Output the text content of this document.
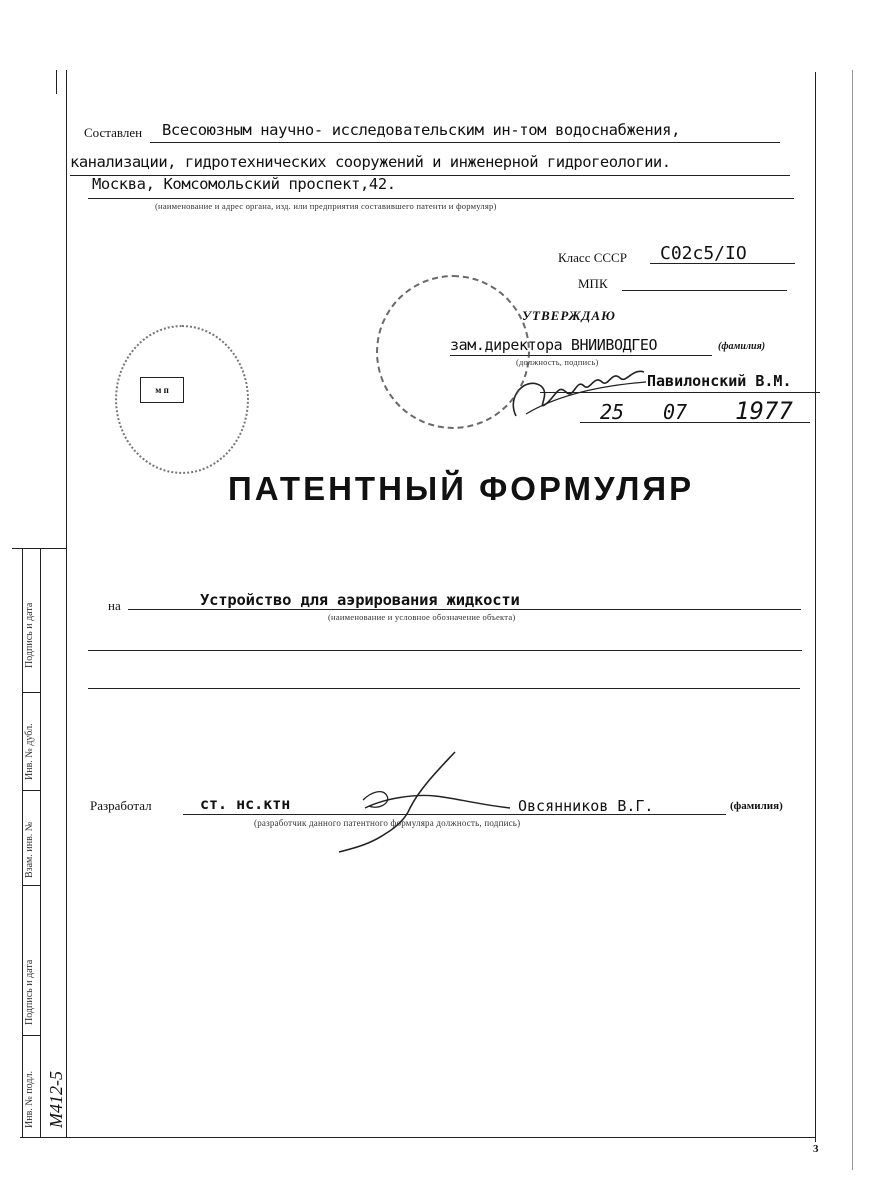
Составлен Всесоюзным научно- исследовательским ин-том водоснабжения,
канализации, гидротехнических сооружений и инженерной гидрогеологии.
Москва, Комсомольский проспект,42.
(наименование и адрес органа, изд. или предприятия составившего патенти и формуляр)
Класс СССР C02c5/IO
МПК
УТВЕРЖДАЮ
зам.директора ВНИИВОДГЕО	(фамилия)
(должность, подпись)
Павилонский В.М.
25 07 1977
м п
ПАТЕНТНЫЙ ФОРМУЛЯР
на	Устройство для аэрирования жидкости
(наименование и условное обозначение объекта)
Разработал	ст. нс.ктн	Овсянников В.Г.	(фамилия)
(разработчик данного патентного формуляра должность, подпись)
Подпись и дата
Инв. № дубл.
Взам. инв. №
Подпись и дата
Инв. № подл. М412-5
3
